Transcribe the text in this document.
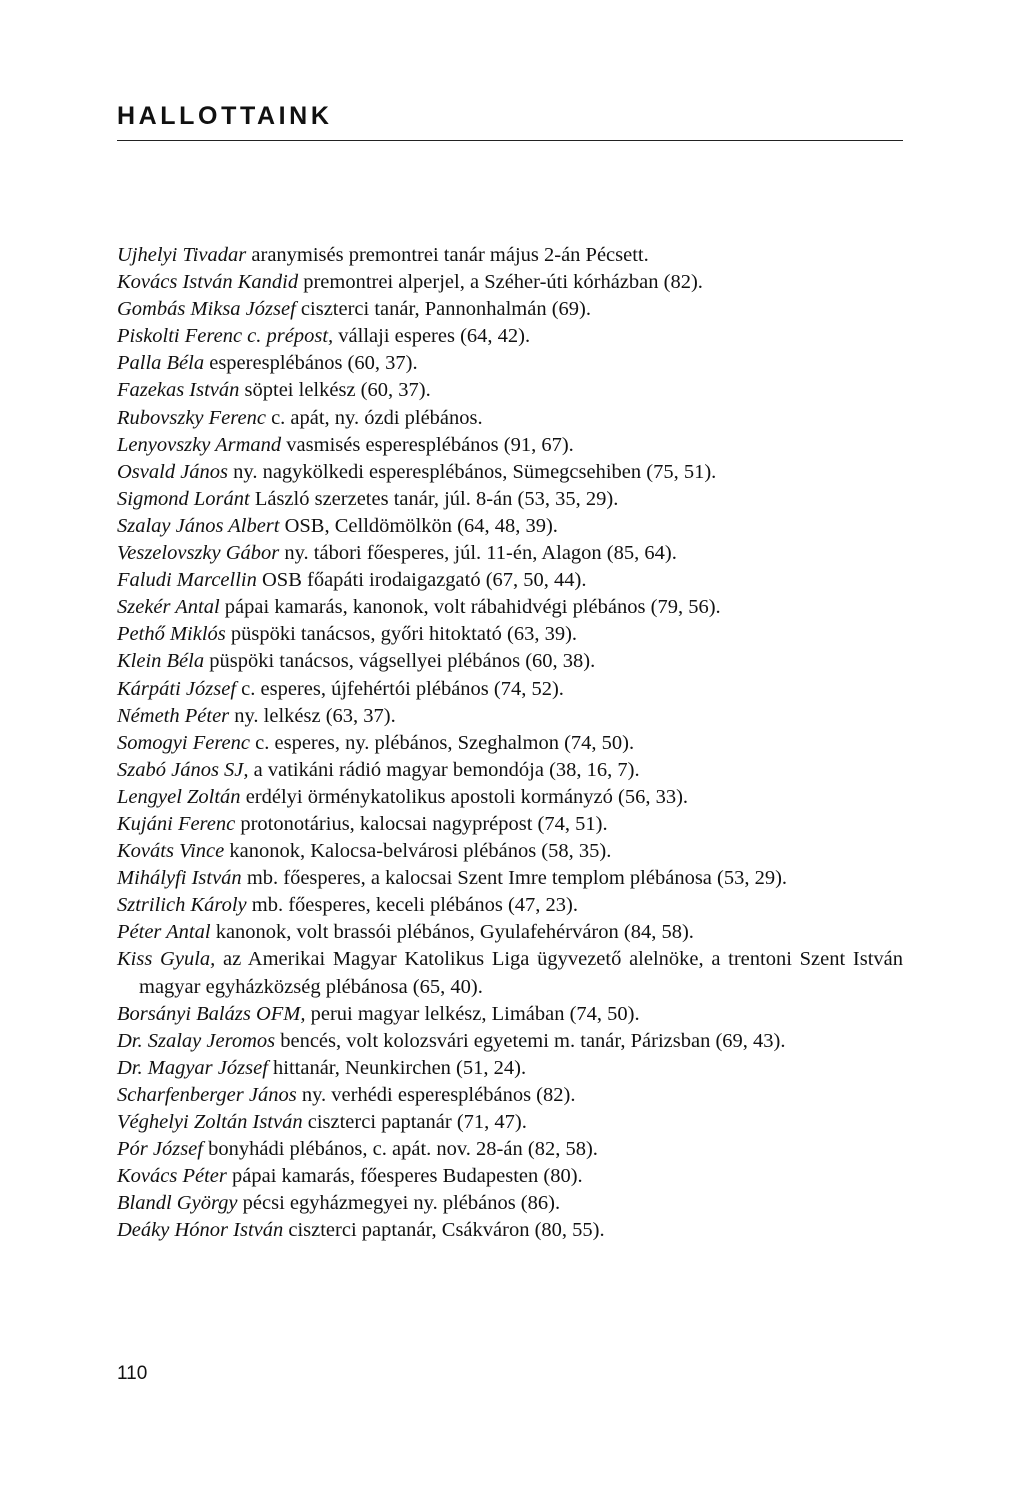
HALLOTTAINK
Ujhelyi Tivadar aranymisés premontrei tanár május 2-án Pécsett.
Kovács István Kandid premontrei alperjel, a Széher-úti kórházban (82).
Gombás Miksa József ciszterci tanár, Pannonhalmán (69).
Piskolti Ferenc c. prépost, vállaji esperes (64, 42).
Palla Béla esperesplébános (60, 37).
Fazekas István söptei lelkész (60, 37).
Rubovszky Ferenc c. apát, ny. ózdi plébános.
Lenyovszky Armand vasmisés esperesplébános (91, 67).
Osvald János ny. nagykölkedi esperesplébános, Sümegcsehiben (75, 51).
Sigmond Loránt László szerzetes tanár, júl. 8-án (53, 35, 29).
Szalay János Albert OSB, Celldömölkön (64, 48, 39).
Veszelovszky Gábor ny. tábori főesperes, júl. 11-én, Alagon (85, 64).
Faludi Marcellin OSB főapáti irodaigazgató (67, 50, 44).
Szekér Antal pápai kamarás, kanonok, volt rábahidvégi plébános (79, 56).
Pethő Miklós püspöki tanácsos, győri hitoktató (63, 39).
Klein Béla püspöki tanácsos, vágsellyei plébános (60, 38).
Kárpáti József c. esperes, újfehértói plébános (74, 52).
Németh Péter ny. lelkész (63, 37).
Somogyi Ferenc c. esperes, ny. plébános, Szeghalmon (74, 50).
Szabó János SJ, a vatikáni rádió magyar bemondója (38, 16, 7).
Lengyel Zoltán erdélyi örménykatolikus apostoli kormányzó (56, 33).
Kujáni Ferenc protonotárius, kalocsai nagyprépost (74, 51).
Kováts Vince kanonok, Kalocsa-belvárosi plébános (58, 35).
Mihályfi István mb. főesperes, a kalocsai Szent Imre templom plébánosa (53, 29).
Sztrilich Károly mb. főesperes, keceli plébános (47, 23).
Péter Antal kanonok, volt brassói plébános, Gyulafehérváron (84, 58).
Kiss Gyula, az Amerikai Magyar Katolikus Liga ügyvezető alelnöke, a trentoni Szent István magyar egyházközség plébánosa (65, 40).
Borsányi Balázs OFM, perui magyar lelkész, Limában (74, 50).
Dr. Szalay Jeromos bencés, volt kolozsvári egyetemi m. tanár, Párizsban (69, 43).
Dr. Magyar József hittanár, Neunkirchen (51, 24).
Scharfenberger János ny. verhédi esperesplébános (82).
Véghelyi Zoltán István ciszterci paptanár (71, 47).
Pór József bonyhádi plébános, c. apát. nov. 28-án (82, 58).
Kovács Péter pápai kamarás, főesperes Budapesten (80).
Blandl György pécsi egyházmegyei ny. plébános (86).
Deáky Hónor István ciszterci paptanár, Csákváron (80, 55).
110
